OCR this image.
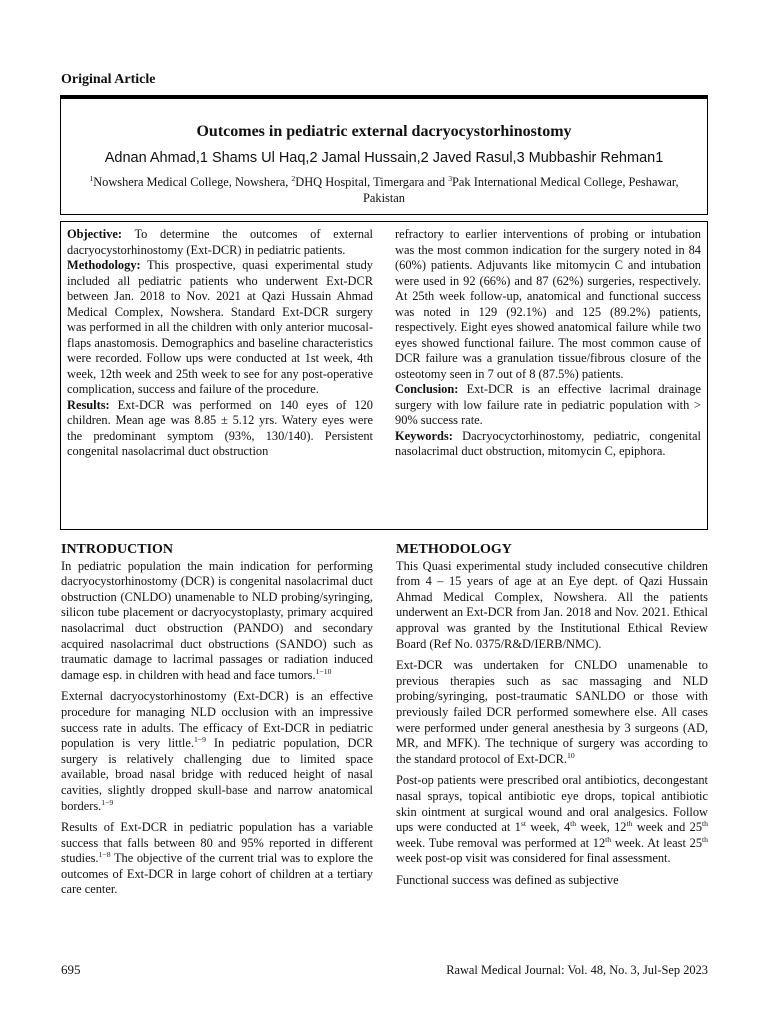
Original Article
Outcomes in pediatric external dacryocystorhinostomy
Adnan Ahmad,1 Shams Ul Haq,2 Jamal Hussain,2 Javed Rasul,3 Mubbashir Rehman1
$^1$Nowshera Medical College, Nowshera, $^2$DHQ Hospital, Timergara and $^3$Pak International Medical College, Peshawar, Pakistan

Objective: To determine the outcomes of external dacryocystorhinostomy (Ext-DCR) in pediatric patients.

Methodology: This prospective, quasi experimental study included all pediatric patients who underwent Ext-DCR between Jan. 2018 to Nov. 2021 at Qazi Hussain Ahmad Medical Complex, Nowshera. Standard Ext-DCR surgery was performed in all the children with only anterior mucosal-flaps anastomosis. Demographics and baseline characteristics were recorded. Follow ups were conducted at 1st week, 4th week, 12th week and 25th week to see for any post-operative complication, success and failure of the procedure.

Results: Ext-DCR was performed on 140 eyes of 120 children. Mean age was 8.85 ± 5.12 yrs. Watery eyes were the predominant symptom (93%, 130/140). Persistent congenital nasolacrimal duct obstruction

refractory to earlier interventions of probing or intubation was the most common indication for the surgery noted in 84 (60%) patients. Adjuvants like mitomycin C and intubation were used in 92 (66%) and 87 (62%) surgeries, respectively. At 25th week follow-up, anatomical and functional success was noted in 129 (92.1%) and 125 (89.2%) patients, respectively. Eight eyes showed anatomical failure while two eyes showed functional failure. The most common cause of DCR failure was a granulation tissue/fibrous closure of the osteotomy seen in 7 out of 8 (87.5%) patients.

Conclusion: Ext-DCR is an effective lacrimal drainage surgery with low failure rate in pediatric population with > 90% success rate.

Keywords: Dacryocyctorhinostomy, pediatric, congenital nasolacrimal duct obstruction, mitomycin C, epiphora.

INTRODUCTION

In pediatric population the main indication for performing dacryocystorhinostomy (DCR) is congenital nasolacrimal duct obstruction (CNLDO) unamenable to NLD probing/syringing, silicon tube placement or dacryocystoplasty, primary acquired nasolacrimal duct obstruction (PANDO) and secondary acquired nasolacrimal duct obstructions (SANDO) such as traumatic damage to lacrimal passages or radiation induced damage esp. in children with head and face tumors.$^{1-10}$

External dacryocystorhinostomy (Ext-DCR) is an effective procedure for managing NLD occlusion with an impressive success rate in adults. The efficacy of Ext-DCR in pediatric population is very little.$^{1-9}$ In pediatric population, DCR surgery is relatively challenging due to limited space available, broad nasal bridge with reduced height of nasal cavities, slightly dropped skull-base and narrow anatomical borders.$^{1-9}$

Results of Ext-DCR in pediatric population has a variable success that falls between 80 and 95% reported in different studies.$^{1-8}$ The objective of the current trial was to explore the outcomes of Ext-DCR in large cohort of children at a tertiary care center.

METHODOLOGY

This Quasi experimental study included consecutive children from 4 – 15 years of age at an Eye dept. of Qazi Hussain Ahmad Medical Complex, Nowshera. All the patients underwent an Ext-DCR from Jan. 2018 and Nov. 2021. Ethical approval was granted by the Institutional Ethical Review Board (Ref No. 0375/R&D/IERB/NMC).

Ext-DCR was undertaken for CNLDO unamenable to previous therapies such as sac massaging and NLD probing/syringing, post-traumatic SANLDO or those with previously failed DCR performed somewhere else. All cases were performed under general anesthesia by 3 surgeons (AD, MR, and MFK). The technique of surgery was according to the standard protocol of Ext-DCR.$^{10}$

Post-op patients were prescribed oral antibiotics, decongestant nasal sprays, topical antibiotic eye drops, topical antibiotic skin ointment at surgical wound and oral analgesics. Follow ups were conducted at 1st week, 4th week, 12th week and 25th week. Tube removal was performed at 12th week. At least 25th week post-op visit was considered for final assessment.

Functional success was defined as subjective

695	Rawal Medical Journal: Vol. 48, No. 3, Jul-Sep 2023
